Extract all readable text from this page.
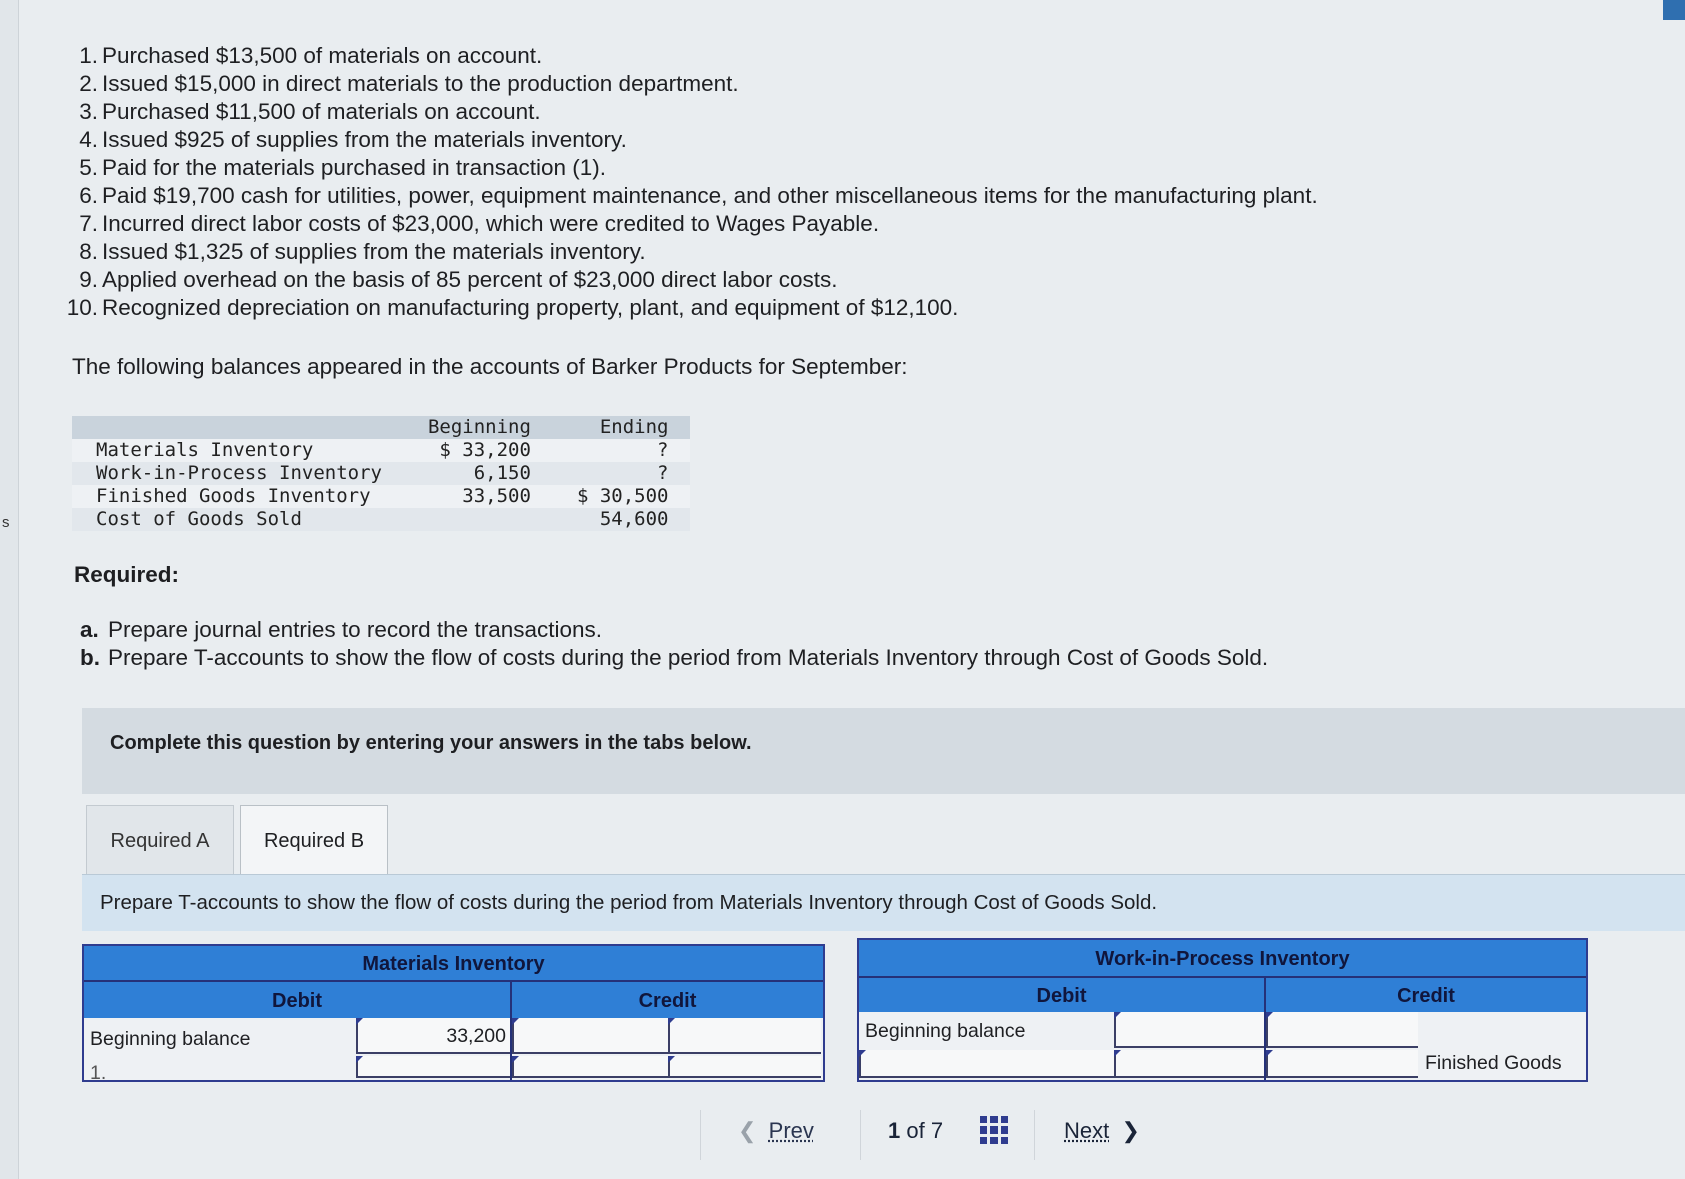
s
1. Purchased $13,500 of materials on account.
2. Issued $15,000 in direct materials to the production department.
3. Purchased $11,500 of materials on account.
4. Issued $925 of supplies from the materials inventory.
5. Paid for the materials purchased in transaction (1).
6. Paid $19,700 cash for utilities, power, equipment maintenance, and other miscellaneous items for the manufacturing plant.
7. Incurred direct labor costs of $23,000, which were credited to Wages Payable.
8. Issued $1,325 of supplies from the materials inventory.
9. Applied overhead on the basis of 85 percent of $23,000 direct labor costs.
10. Recognized depreciation on manufacturing property, plant, and equipment of $12,100.
The following balances appeared in the accounts of Barker Products for September:
	Beginning	Ending
Materials Inventory	$ 33,200	?
Work-in-Process Inventory	6,150	?
Finished Goods Inventory	33,500	$ 30,500
Cost of Goods Sold		54,600
Required:
a. Prepare journal entries to record the transactions.
b. Prepare T-accounts to show the flow of costs during the period from Materials Inventory through Cost of Goods Sold.
Complete this question by entering your answers in the tabs below.
Required A	Required B
Prepare T-accounts to show the flow of costs during the period from Materials Inventory through Cost of Goods Sold.
Materials Inventory
Debit	Credit
Beginning balance	33,200
1.
Work-in-Process Inventory
Debit	Credit
Beginning balance
Finished Goods
❮  Prev	1 of 7	Next  ❯
